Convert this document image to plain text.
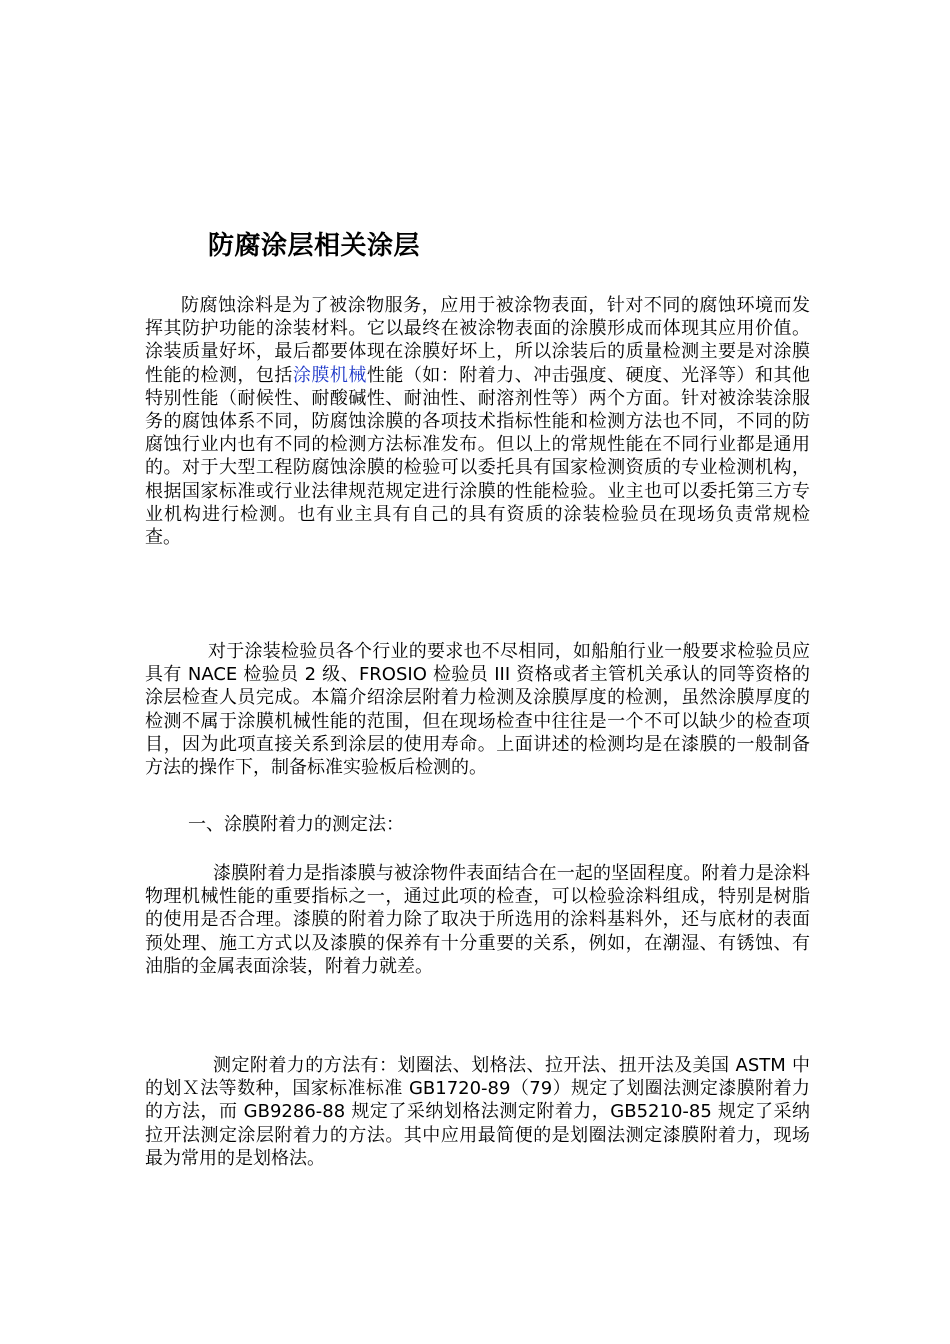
防腐涂层相关涂层

防腐蚀涂料是为了被涂物服务，应用于被涂物表面，针对不同的腐蚀环境而发挥其防护功能的涂装材料。它以最终在被涂物表面的涂膜形成而体现其应用价值。涂装质量好坏，最后都要体现在涂膜好坏上，所以涂装后的质量检测主要是对涂膜性能的检测，包括涂膜机械性能（如：附着力、冲击强度、硬度、光泽等）和其他特别性能（耐候性、耐酸碱性、耐油性、耐溶剂性等）两个方面。针对被涂装涂服务的腐蚀体系不同，防腐蚀涂膜的各项技术指标性能和检测方法也不同，不同的防腐蚀行业内也有不同的检测方法标准发布。但以上的常规性能在不同行业都是通用的。对于大型工程防腐蚀涂膜的检验可以委托具有国家检测资质的专业检测机构，根据国家标准或行业法律规范规定进行涂膜的性能检验。业主也可以委托第三方专业机构进行检测。也有业主具有自己的具有资质的涂装检验员在现场负责常规检查。

对于涂装检验员各个行业的要求也不尽相同，如船舶行业一般要求检验员应具有 NACE 检验员 2 级、FROSIO 检验员 III 资格或者主管机关承认的同等资格的涂层检查人员完成。本篇介绍涂层附着力检测及涂膜厚度的检测，虽然涂膜厚度的检测不属于涂膜机械性能的范围，但在现场检查中往往是一个不可以缺少的检查项目，因为此项直接关系到涂层的使用寿命。上面讲述的检测均是在漆膜的一般制备方法的操作下，制备标准实验板后检测的。

一、涂膜附着力的测定法：

漆膜附着力是指漆膜与被涂物件表面结合在一起的坚固程度。附着力是涂料物理机械性能的重要指标之一，通过此项的检查，可以检验涂料组成，特别是树脂的使用是否合理。漆膜的附着力除了取决于所选用的涂料基料外，还与底材的表面预处理、施工方式以及漆膜的保养有十分重要的关系，例如，在潮湿、有锈蚀、有油脂的金属表面涂装，附着力就差。

测定附着力的方法有：划圈法、划格法、拉开法、扭开法及美国 ASTM 中的划Ｘ法等数种，国家标准标准 GB1720-89（79）规定了划圈法测定漆膜附着力的方法，而 GB9286-88 规定了采纳划格法测定附着力，GB5210-85 规定了采纳拉开法测定涂层附着力的方法。其中应用最简便的是划圈法测定漆膜附着力，现场最为常用的是划格法。
